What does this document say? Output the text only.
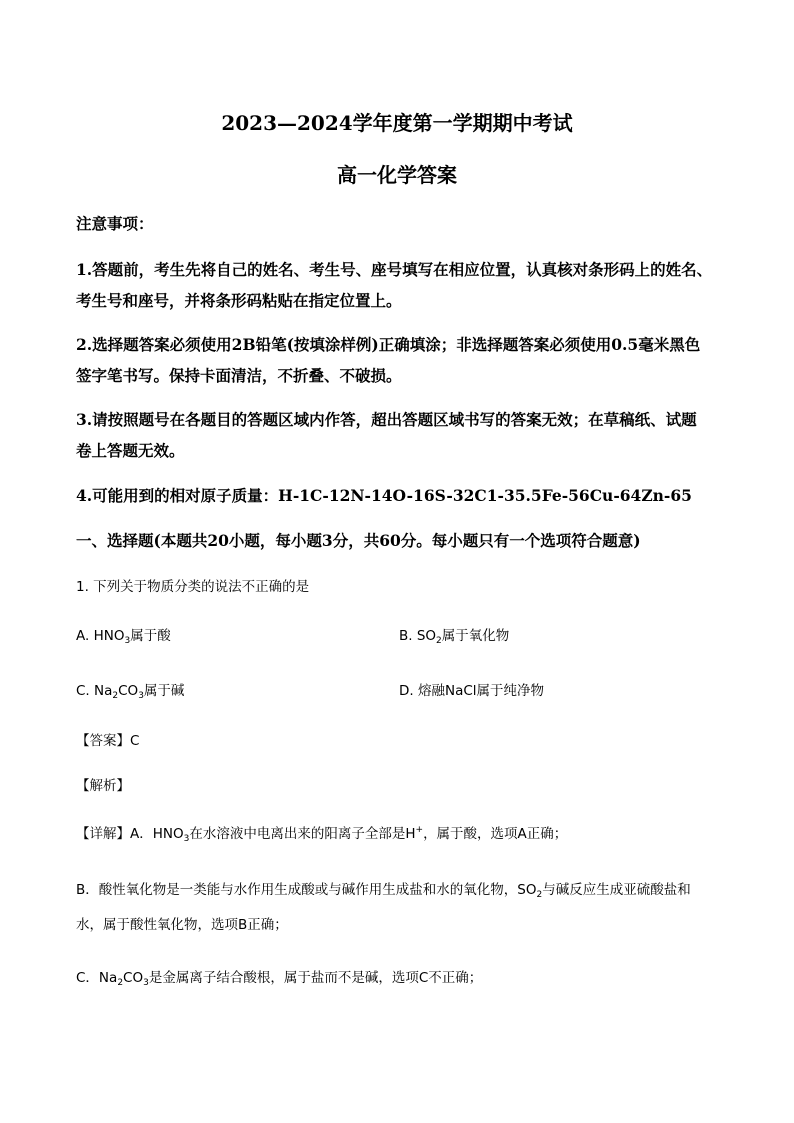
2023—2024学年度第一学期期中考试
高一化学答案
注意事项：
1.答题前，考生先将自己的姓名、考生号、座号填写在相应位置，认真核对条形码上的姓名、
考生号和座号，并将条形码粘贴在指定位置上。
2.选择题答案必须使用2B铅笔(按填涂样例)正确填涂；非选择题答案必须使用0.5毫米黑色
签字笔书写。保持卡面清洁，不折叠、不破损。
3.请按照题号在各题目的答题区域内作答，超出答题区域书写的答案无效；在草稿纸、试题
卷上答题无效。
4.可能用到的相对原子质量：H-1C-12N-14O-16S-32C1-35.5Fe-56Cu-64Zn-65
一、选择题(本题共20小题，每小题3分，共60分。每小题只有一个选项符合题意)
1. 下列关于物质分类的说法不正确的是
A. $HNO_3$属于酸	B. $SO_2$属于氧化物
C. $Na_2CO_3$属于碱	D. 熔融NaCl属于纯净物
【答案】C
【解析】
【详解】A．$HNO_3$在水溶液中电离出来的阳离子全部是H+，属于酸，选项A正确；
B．酸性氧化物是一类能与水作用生成酸或与碱作用生成盐和水的氧化物，$SO_2$与碱反应生成亚硫酸盐和
水，属于酸性氧化物，选项B正确；
C．$Na_2CO_3$是金属离子结合酸根，属于盐而不是碱，选项C不正确；
